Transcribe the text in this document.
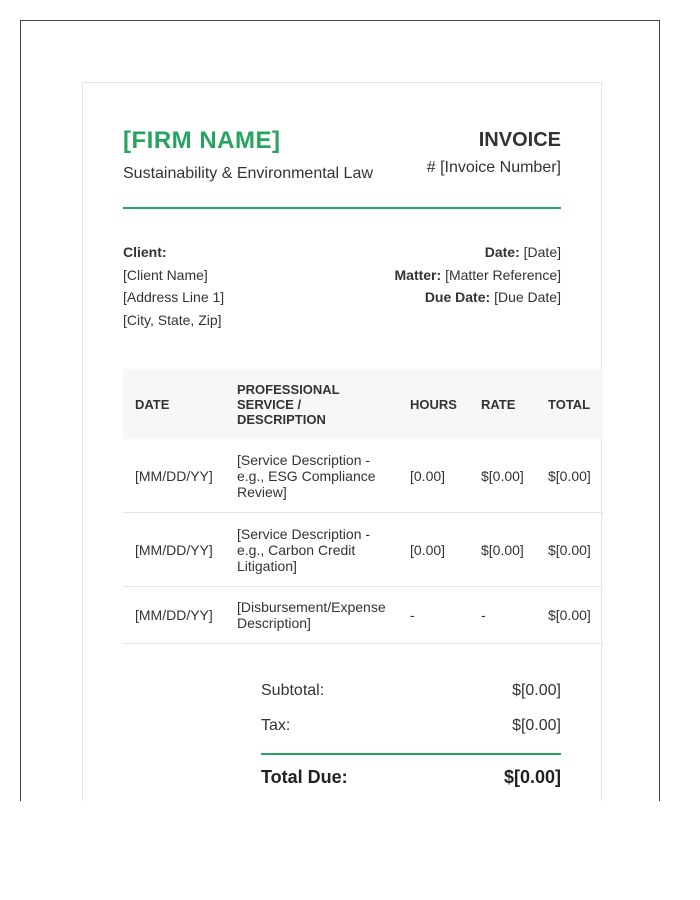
[FIRM NAME]
Sustainability & Environmental Law
INVOICE
# [Invoice Number]
Client:
[Client Name]
[Address Line 1]
[City, State, Zip]
Date: [Date]
Matter: [Matter Reference]
Due Date: [Due Date]
DATE	PROFESSIONAL SERVICE / DESCRIPTION	HOURS	RATE	TOTAL
[MM/DD/YY]	[Service Description - e.g., ESG Compliance Review]	[0.00]	$[0.00]	$[0.00]
[MM/DD/YY]	[Service Description - e.g., Carbon Credit Litigation]	[0.00]	$[0.00]	$[0.00]
[MM/DD/YY]	[Disbursement/Expense Description]	-	-	$[0.00]
Subtotal:	$[0.00]
Tax:	$[0.00]
Total Due:	$[0.00]
